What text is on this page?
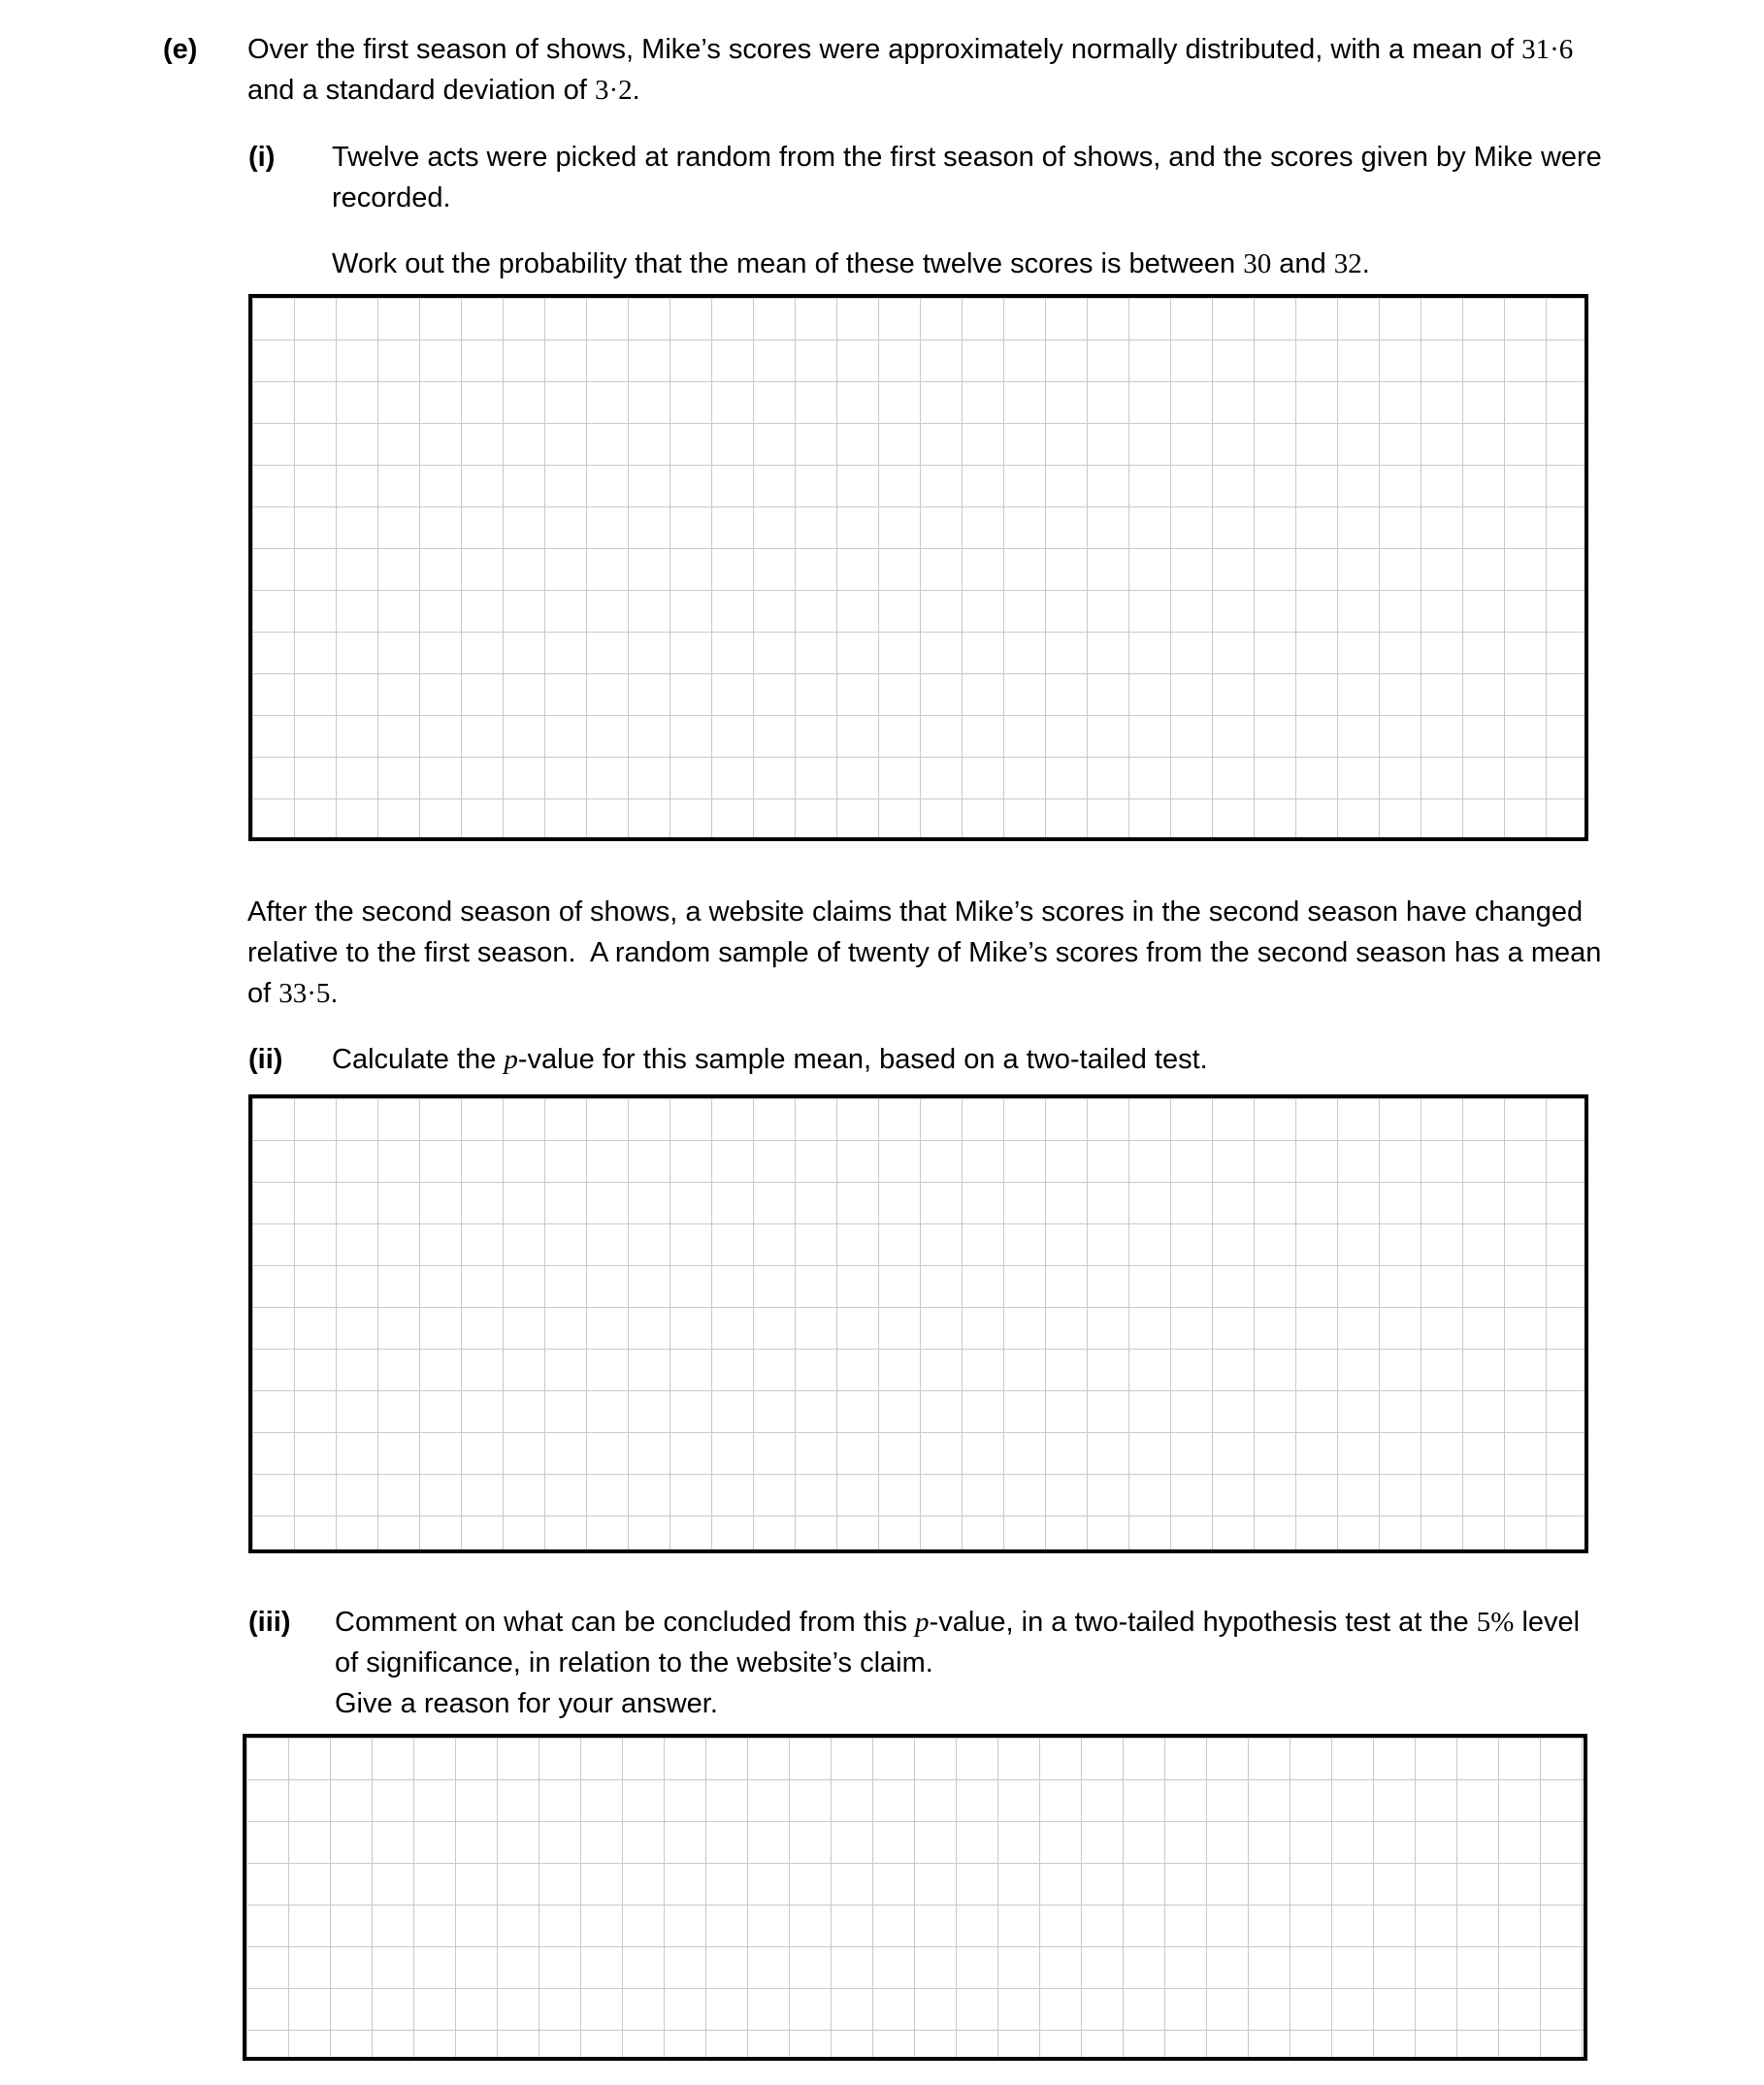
(e) Over the first season of shows, Mike’s scores were approximately normally distributed, with a mean of 31·6 and a standard deviation of 3·2.

(i) Twelve acts were picked at random from the first season of shows, and the scores given by Mike were recorded.

Work out the probability that the mean of these twelve scores is between 30 and 32.

After the second season of shows, a website claims that Mike’s scores in the second season have changed relative to the first season.  A random sample of twenty of Mike’s scores from the second season has a mean of 33·5.

(ii) Calculate the p-value for this sample mean, based on a two-tailed test.

(iii) Comment on what can be concluded from this p-value, in a two-tailed hypothesis test at the 5% level of significance, in relation to the website’s claim.

Give a reason for your answer.
